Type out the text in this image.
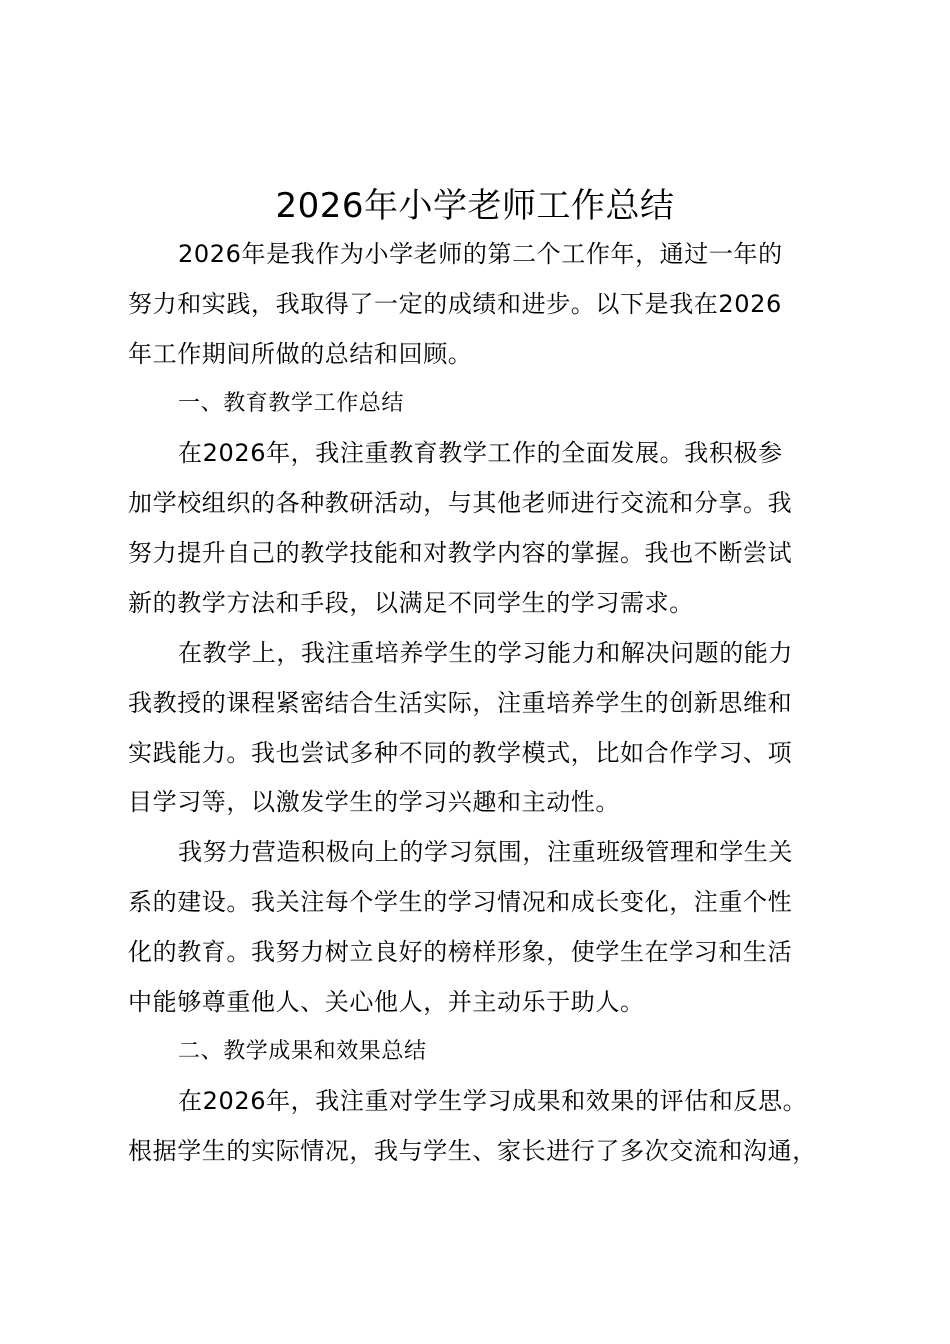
2026年小学老师工作总结
2026年是我作为小学老师的第二个工作年，通过一年的
努力和实践，我取得了一定的成绩和进步。以下是我在2026
年工作期间所做的总结和回顾。
一、教育教学工作总结
在2026年，我注重教育教学工作的全面发展。我积极参
加学校组织的各种教研活动，与其他老师进行交流和分享。我
努力提升自己的教学技能和对教学内容的掌握。我也不断尝试
新的教学方法和手段，以满足不同学生的学习需求。
在教学上，我注重培养学生的学习能力和解决问题的能力
我教授的课程紧密结合生活实际，注重培养学生的创新思维和
实践能力。我也尝试多种不同的教学模式，比如合作学习、项
目学习等，以激发学生的学习兴趣和主动性。
我努力营造积极向上的学习氛围，注重班级管理和学生关
系的建设。我关注每个学生的学习情况和成长变化，注重个性
化的教育。我努力树立良好的榜样形象，使学生在学习和生活
中能够尊重他人、关心他人，并主动乐于助人。
二、教学成果和效果总结
在2026年，我注重对学生学习成果和效果的评估和反思。
根据学生的实际情况，我与学生、家长进行了多次交流和沟通，
